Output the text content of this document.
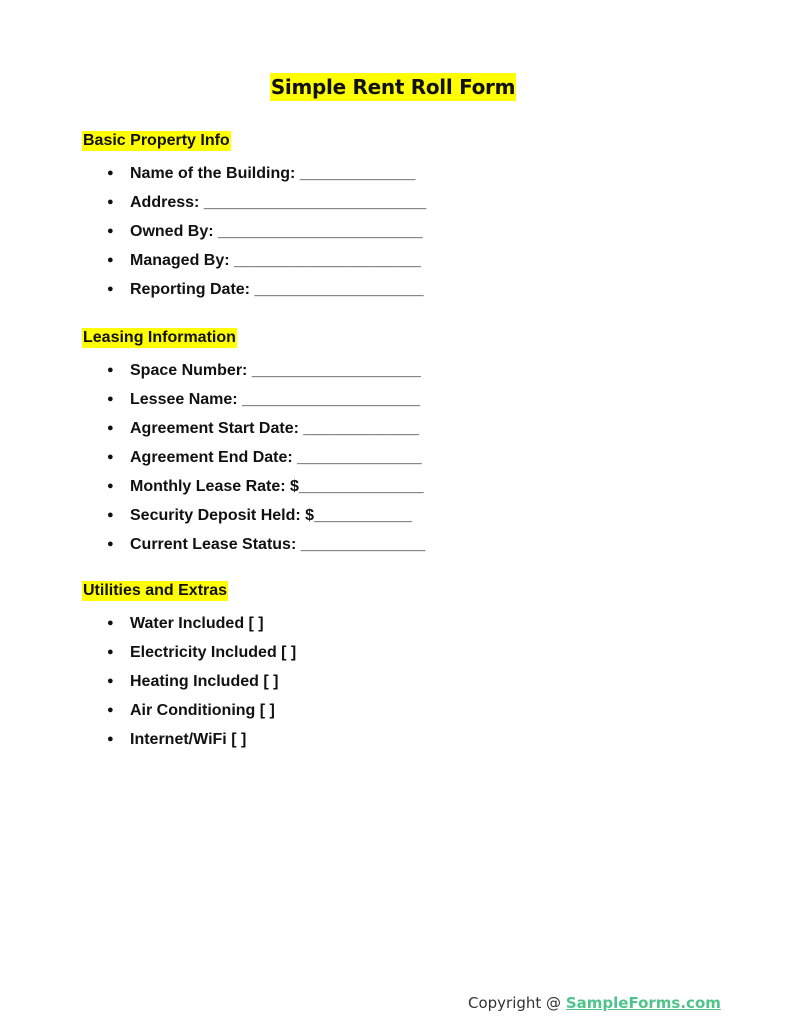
Simple Rent Roll Form
Basic Property Info
● Name of the Building: _____________
● Address: _________________________
● Owned By: _______________________
● Managed By: _____________________
● Reporting Date: ___________________
Leasing Information
● Space Number: ___________________
● Lessee Name: ____________________
● Agreement Start Date: _____________
● Agreement End Date: ______________
● Monthly Lease Rate: $______________
● Security Deposit Held: $___________
● Current Lease Status: ______________
Utilities and Extras
● Water Included [ ]
● Electricity Included [ ]
● Heating Included [ ]
● Air Conditioning [ ]
● Internet/WiFi [ ]
Copyright @ SampleForms.com
